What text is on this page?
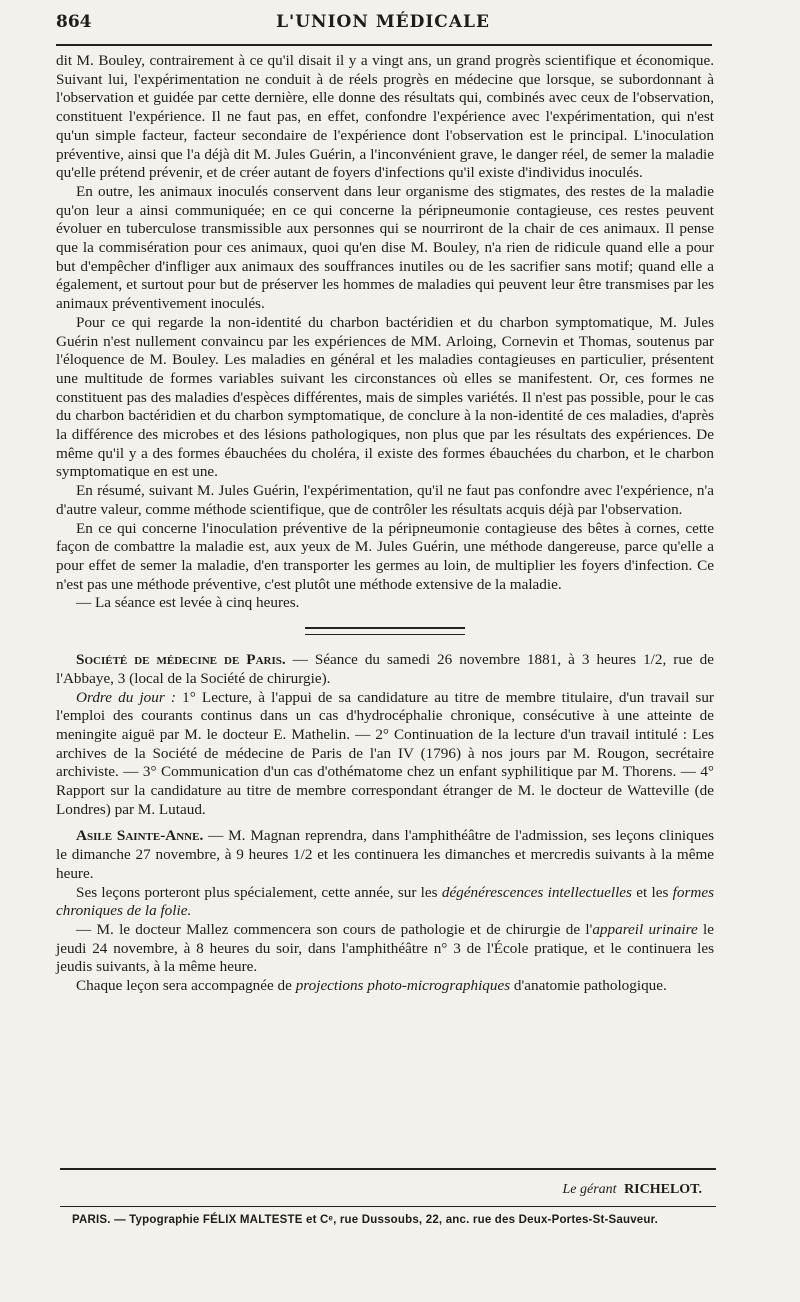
864	L'UNION MÉDICALE

dit M. Bouley, contrairement à ce qu'il disait il y a vingt ans, un grand progrès scientifique et économique. Suivant lui, l'expérimentation ne conduit à de réels progrès en médecine que lorsque, se subordonnant à l'observation et guidée par cette dernière, elle donne des résultats qui, combinés avec ceux de l'observation, constituent l'expérience. Il ne faut pas, en effet, confondre l'expérience avec l'expérimentation, qui n'est qu'un simple facteur, facteur secondaire de l'expérience dont l'observation est le principal. L'inoculation préventive, ainsi que l'a déjà dit M. Jules Guérin, a l'inconvénient grave, le danger réel, de semer la maladie qu'elle prétend prévenir, et de créer autant de foyers d'infections qu'il existe d'individus inoculés.

En outre, les animaux inoculés conservent dans leur organisme des stigmates, des restes de la maladie qu'on leur a ainsi communiquée; en ce qui concerne la péripneumonie contagieuse, ces restes peuvent évoluer en tuberculose transmissible aux personnes qui se nourriront de la chair de ces animaux. Il pense que la commisération pour ces animaux, quoi qu'en dise M. Bouley, n'a rien de ridicule quand elle a pour but d'empêcher d'infliger aux animaux des souffrances inutiles ou de les sacrifier sans motif; quand elle a également, et surtout pour but de préserver les hommes de maladies qui peuvent leur être transmises par les animaux préventivement inoculés.

Pour ce qui regarde la non-identité du charbon bactéridien et du charbon symptomatique, M. Jules Guérin n'est nullement convaincu par les expériences de MM. Arloing, Cornevin et Thomas, soutenus par l'éloquence de M. Bouley. Les maladies en général et les maladies contagieuses en particulier, présentent une multitude de formes variables suivant les circonstances où elles se manifestent. Or, ces formes ne constituent pas des maladies d'espèces différentes, mais de simples variétés. Il n'est pas possible, pour le cas du charbon bactéridien et du charbon symptomatique, de conclure à la non-identité de ces maladies, d'après la différence des microbes et des lésions pathologiques, non plus que par les résultats des expériences. De même qu'il y a des formes ébauchées du choléra, il existe des formes ébauchées du charbon, et le charbon symptomatique en est une.

En résumé, suivant M. Jules Guérin, l'expérimentation, qu'il ne faut pas confondre avec l'expérience, n'a d'autre valeur, comme méthode scientifique, que de contrôler les résultats acquis déjà par l'observation.

En ce qui concerne l'inoculation préventive de la péripneumonie contagieuse des bêtes à cornes, cette façon de combattre la maladie est, aux yeux de M. Jules Guérin, une méthode dangereuse, parce qu'elle a pour effet de semer la maladie, d'en transporter les germes au loin, de multiplier les foyers d'infection. Ce n'est pas une méthode préventive, c'est plutôt une méthode extensive de la maladie.

— La séance est levée à cinq heures.

Société de médecine de Paris. — Séance du samedi 26 novembre 1881, à 3 heures 1/2, rue de l'Abbaye, 3 (local de la Société de chirurgie).

Ordre du jour : 1° Lecture, à l'appui de sa candidature au titre de membre titulaire, d'un travail sur l'emploi des courants continus dans un cas d'hydrocéphalie chronique, consécutive à une atteinte de meningite aiguë par M. le docteur E. Mathelin. — 2° Continuation de la lecture d'un travail intitulé : Les archives de la Société de médecine de Paris de l'an IV (1796) à nos jours par M. Rougon, secrétaire archiviste. — 3° Communication d'un cas d'othématome chez un enfant syphilitique par M. Thorens. — 4° Rapport sur la candidature au titre de membre correspondant étranger de M. le docteur de Watteville (de Londres) par M. Lutaud.

Asile Sainte-Anne. — M. Magnan reprendra, dans l'amphithéâtre de l'admission, ses leçons cliniques le dimanche 27 novembre, à 9 heures 1/2 et les continuera les dimanches et mercredis suivants à la même heure.

Ses leçons porteront plus spécialement, cette année, sur les dégénérescences intellectuelles et les formes chroniques de la folie.

— M. le docteur Mallez commencera son cours de pathologie et de chirurgie de l'appareil urinaire le jeudi 24 novembre, à 8 heures du soir, dans l'amphithéâtre n° 3 de l'École pratique, et le continuera les jeudis suivants, à la même heure.

Chaque leçon sera accompagnée de projections photo-micrographiques d'anatomie pathologique.

Le gérant RICHELOT.
PARIS. — Typographie FÉLIX MALTESTE et Cᵉ, rue Dussoubs, 22, anc. rue des Deux-Portes-St-Sauveur.
